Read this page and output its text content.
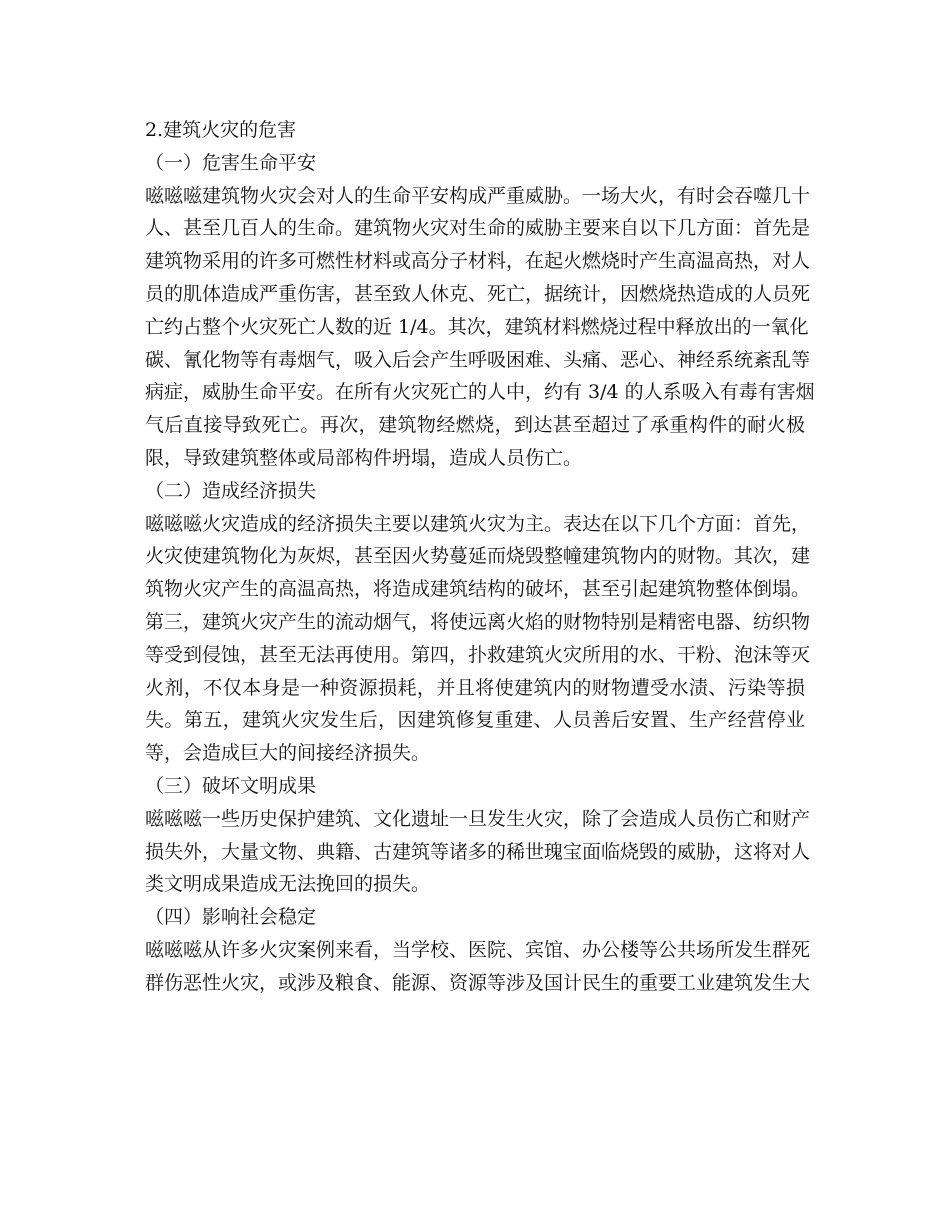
2.建筑火灾的危害
（一）危害生命平安
嗞嗞嗞建筑物火灾会对人的生命平安构成严重威胁。一场大火，有时会吞噬几十
人、甚至几百人的生命。建筑物火灾对生命的威胁主要来自以下几方面：首先是
建筑物采用的许多可燃性材料或高分子材料，在起火燃烧时产生高温高热，对人
员的肌体造成严重伤害，甚至致人休克、死亡，据统计，因燃烧热造成的人员死
亡约占整个火灾死亡人数的近 1/4。其次，建筑材料燃烧过程中释放出的一氧化
碳、氰化物等有毒烟气，吸入后会产生呼吸困难、头痛、恶心、神经系统紊乱等
病症，威胁生命平安。在所有火灾死亡的人中，约有 3/4 的人系吸入有毒有害烟
气后直接导致死亡。再次，建筑物经燃烧，到达甚至超过了承重构件的耐火极
限，导致建筑整体或局部构件坍塌，造成人员伤亡。
（二）造成经济损失
嗞嗞嗞火灾造成的经济损失主要以建筑火灾为主。表达在以下几个方面：首先，
火灾使建筑物化为灰烬，甚至因火势蔓延而烧毁整幢建筑物内的财物。其次，建
筑物火灾产生的高温高热，将造成建筑结构的破坏，甚至引起建筑物整体倒塌。
第三，建筑火灾产生的流动烟气，将使远离火焰的财物特别是精密电器、纺织物
等受到侵蚀，甚至无法再使用。第四，扑救建筑火灾所用的水、干粉、泡沫等灭
火剂，不仅本身是一种资源损耗，并且将使建筑内的财物遭受水渍、污染等损
失。第五，建筑火灾发生后，因建筑修复重建、人员善后安置、生产经营停业
等，会造成巨大的间接经济损失。
（三）破坏文明成果
嗞嗞嗞一些历史保护建筑、文化遗址一旦发生火灾，除了会造成人员伤亡和财产
损失外，大量文物、典籍、古建筑等诸多的稀世瑰宝面临烧毁的威胁，这将对人
类文明成果造成无法挽回的损失。
（四）影响社会稳定
嗞嗞嗞从许多火灾案例来看，当学校、医院、宾馆、办公楼等公共场所发生群死
群伤恶性火灾，或涉及粮食、能源、资源等涉及国计民生的重要工业建筑发生大
